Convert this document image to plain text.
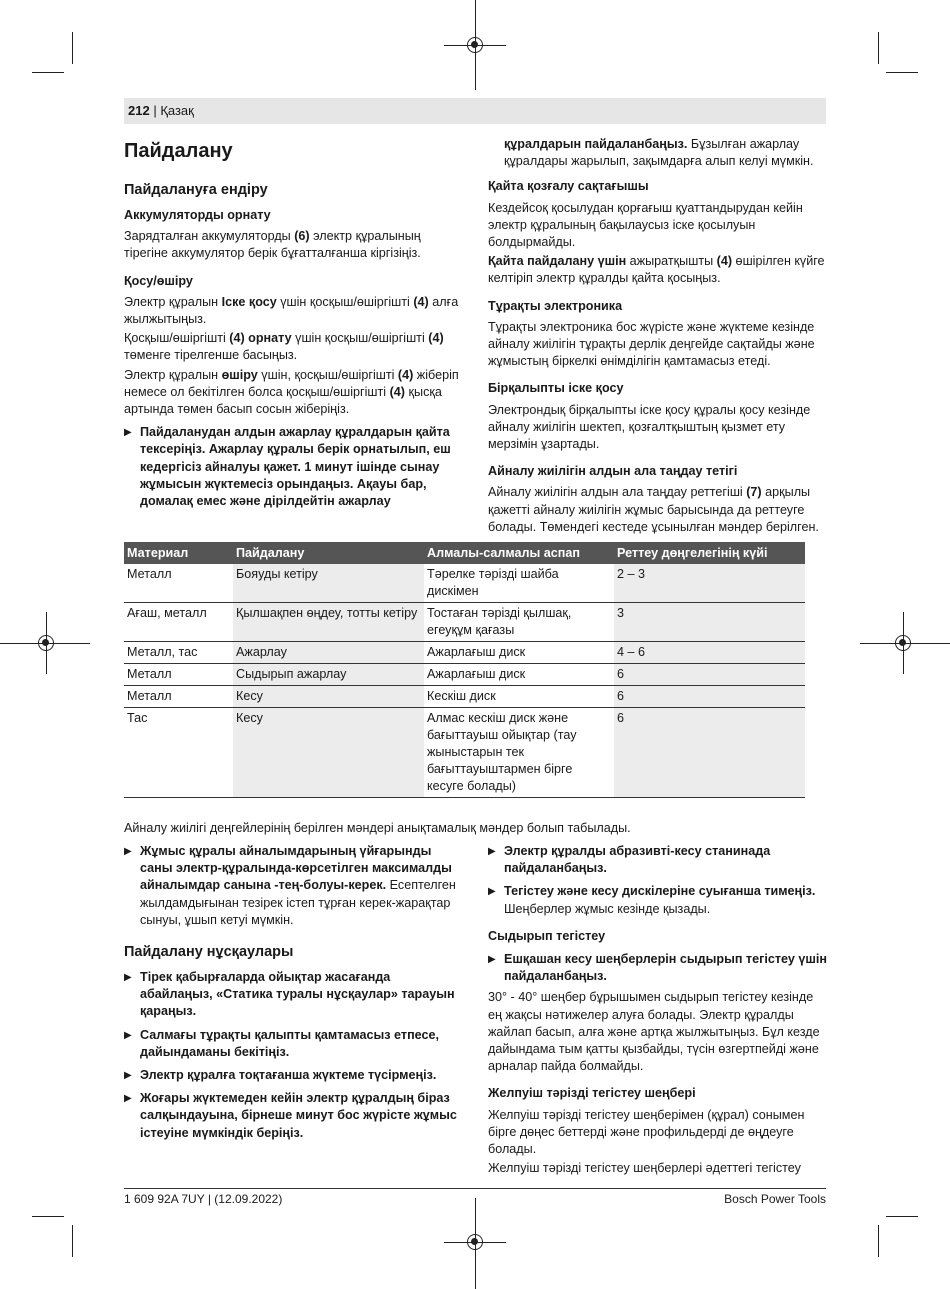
212 | Қазақ
Пайдалану
Пайдалануға ендіру
Аккумуляторды орнату

Зарядталған аккумуляторды (6) электр құралының тірегіне аккумулятор берік бұғатталғанша кіргізіңіз.

Қосу/өшіру

Электр құралын Іске қосу үшін қосқыш/өшіргішті (4) алға жылжытыңыз.

Қосқыш/өшіргішті (4) орнату үшін қосқыш/өшіргішті (4) төменге тірелгенше басыңыз.

Электр құралын өшіру үшін, қосқыш/өшіргішті (4) жіберіп немесе ол бекітілген болса қосқыш/өшіргішті (4) қысқа артында төмен басып сосын жіберіңіз.

▶ Пайдаланудан алдын ажарлау құралдарын қайта тексеріңіз. Ажарлау құралы берік орнатылып, еш кедергісіз айналуы қажет. 1 минут ішінде сынау жұмысын жүктемесіз орындаңыз. Ақауы бар, домалақ емес және дірілдейтін ажарлау

құралдарын пайдаланбаңыз. Бұзылған ажарлау құралдары жарылып, зақымдарға алып келуі мүмкін.

Қайта қозғалу сақтағышы

Кездейсоқ қосылудан қорғағыш қуаттандырудан кейін электр құралының бақылаусыз іске қосылуын болдырмайды.

Қайта пайдалану үшін ажыратқышты (4) өшірілген күйге келтіріп электр құралды қайта қосыңыз.

Тұрақты электроника

Тұрақты электроника бос жүрісте және жүктеме кезінде айналу жиілігін тұрақты дерлік деңгейде сақтайды және жұмыстың біркелкі өнімділігін қамтамасыз етеді.

Бірқалыпты іске қосу

Электрондық бірқалыпты іске қосу құралы қосу кезінде айналу жиілігін шектеп, қозғалтқыштың қызмет ету мерзімін ұзартады.

Айналу жиілігін алдын ала таңдау тетігі

Айналу жиілігін алдын ала таңдау реттегіші (7) арқылы қажетті айналу жиілігін жұмыс барысында да реттеуге болады. Төмендегі кестеде ұсынылған мәндер берілген.

Материал	Пайдалану	Алмалы-салмалы аспап	Реттеу дөңгелегінің күйі
Металл	Бояуды кетіру	Тәрелке тәрізді шайба дискімен	2 – 3
Ағаш, металл	Қылшақпен өңдеу, тотты кетіру	Тостаған тәрізді қылшақ, егеуқұм қағазы	3
Металл, тас	Ажарлау	Ажарлағыш диск	4 – 6
Металл	Сыдырып ажарлау	Ажарлағыш диск	6
Металл	Кесу	Кескіш диск	6
Тас	Кесу	Алмас кескіш диск және бағыттауыш ойықтар (тау жыныстарын тек бағыттауыштармен бірге кесуге болады)	6
Айналу жиілігі деңгейлерінің берілген мәндері анықтамалық мәндер болып табылады.
▶ Жұмыс құралы айналымдарының үйғарынды саны электр-құралында-көрсетілген максималды айналымдар санына -тең-болуы-керек. Есептелген жылдамдығынан тезірек істеп тұрған керек-жарақтар сынуы, ұшып кетуі мүмкін.
Пайдалану нұсқаулары
▶ Тірек қабырғаларда ойықтар жасағанда абайлаңыз, «Статика туралы нұсқаулар» тарауын қараңыз.
▶ Салмағы тұрақты қалыпты қамтамасыз етпесе, дайындаманы бекітіңіз.
▶ Электр құралға тоқтағанша жүктеме түсірмеңіз.
▶ Жоғары жүктемеден кейін электр құралдың біраз салқындауына, бірнеше минут бос жүрісте жұмыс істеуіне мүмкіндік беріңіз.
▶ Электр құралды абразивті-кесу станинада пайдаланбаңыз.
▶ Тегістеу және кесу дискілеріне суығанша тимеңіз. Шеңберлер жұмыс кезінде қызады.
Сыдырып тегістеу
▶ Ешқашан кесу шеңберлерін сыдырып тегістеу үшін пайдаланбаңыз.

30° - 40° шеңбер бұрышымен сыдырып тегістеу кезінде ең жақсы нәтижелер алуға болады. Электр құралды жайлап басып, алға және артқа жылжытыңыз. Бұл кезде дайындама тым қатты қызбайды, түсін өзгертпейді және арналар пайда болмайды.

Желпуіш тәрізді тегістеу шеңбері

Желпуіш тәрізді тегістеу шеңберімен (құрал) сонымен бірге дөңес беттерді және профильдерді де өңдеуге болады.

Желпуіш тәрізді тегістеу шеңберлері әдеттегі тегістеу

1 609 92A 7UY | (12.09.2022)	Bosch Power Tools
